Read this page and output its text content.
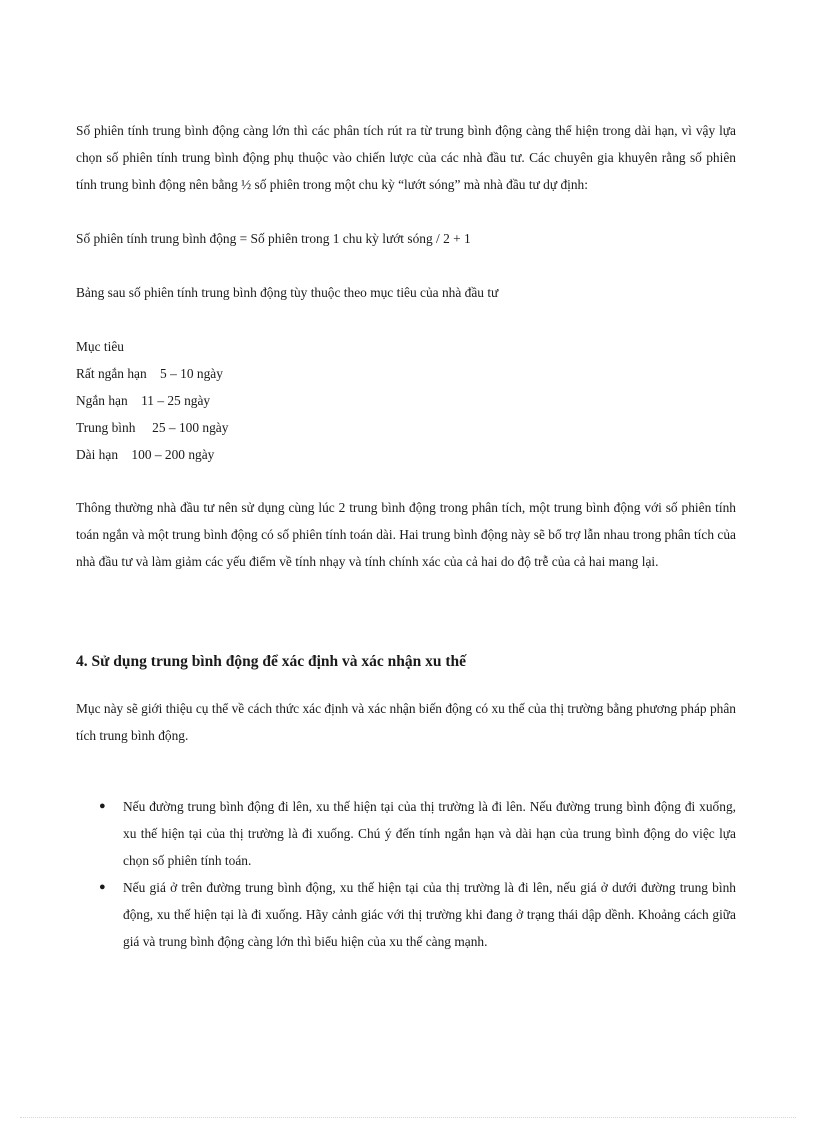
Số phiên tính trung bình động càng lớn thì các phân tích rút ra từ trung bình động càng thể hiện trong dài hạn, vì vậy lựa chọn số phiên tính trung bình động phụ thuộc vào chiến lược của các nhà đầu tư. Các chuyên gia khuyên rằng số phiên tính trung bình động nên bằng ½ số phiên trong một chu kỳ “lướt sóng” mà nhà đầu tư dự định:

Số phiên tính trung bình động = Số phiên trong 1 chu kỳ lướt sóng / 2 + 1
Bảng sau số phiên tính trung bình động tùy thuộc theo mục tiêu của nhà đầu tư
Mục tiêu
Rất ngắn hạn 5 – 10 ngày
Ngắn hạn 11 – 25 ngày
Trung bình 25 – 100 ngày
Dài hạn 100 – 200 ngày

Thông thường nhà đầu tư nên sử dụng cùng lúc 2 trung bình động trong phân tích, một trung bình động với số phiên tính toán ngắn và một trung bình động có số phiên tính toán dài. Hai trung bình động này sẽ bổ trợ lẫn nhau trong phân tích của nhà đầu tư và làm giảm các yếu điểm về tính nhạy và tính chính xác của cả hai do độ trễ của cả hai mang lại.

4. Sử dụng trung bình động để xác định và xác nhận xu thế

Mục này sẽ giới thiệu cụ thể về cách thức xác định và xác nhận biến động có xu thế của thị trường bằng phương pháp phân tích trung bình động.

● Nếu đường trung bình động đi lên, xu thế hiện tại của thị trường là đi lên. Nếu đường trung bình động đi xuống, xu thế hiện tại của thị trường là đi xuống. Chú ý đến tính ngắn hạn và dài hạn của trung bình động do việc lựa chọn số phiên tính toán.
● Nếu giá ở trên đường trung bình động, xu thế hiện tại của thị trường là đi lên, nếu giá ở dưới đường trung bình động, xu thế hiện tại là đi xuống. Hãy cảnh giác với thị trường khi đang ở trạng thái dập dềnh. Khoảng cách giữa giá và trung bình động càng lớn thì biểu hiện của xu thế càng mạnh.
